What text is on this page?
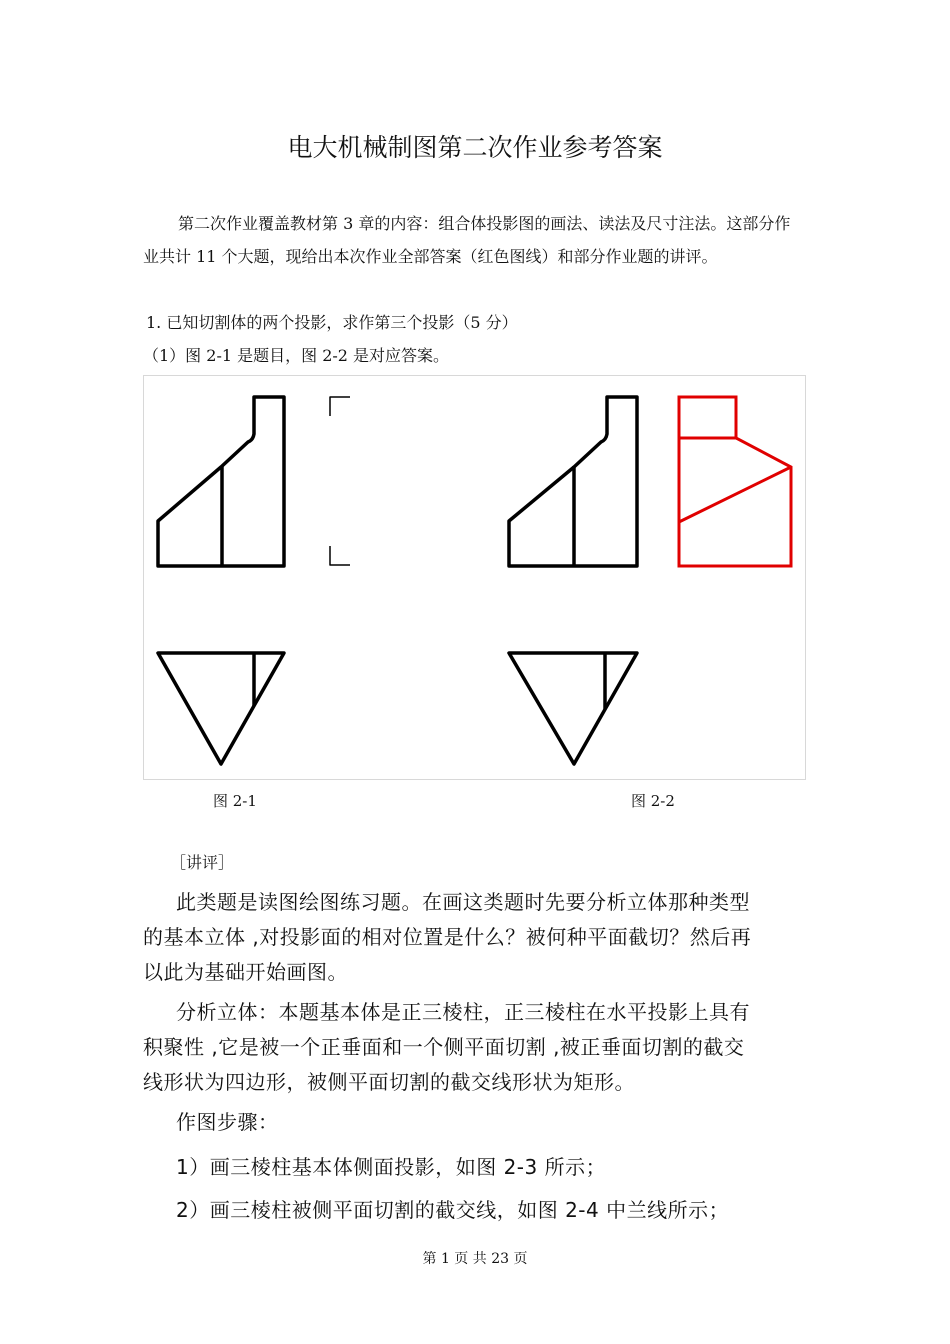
电大机械制图第二次作业参考答案
第二次作业覆盖教材第 3 章的内容：组合体投影图的画法、读法及尺寸注法。这部分作
业共计 11 个大题，现给出本次作业全部答案（红色图线）和部分作业题的讲评。
1. 已知切割体的两个投影，求作第三个投影（5 分）
（1）图 2-1 是题目，图 2-2 是对应答案。
图 2-1	图 2-2
［讲评］
此类题是读图绘图练习题。在画这类题时先要分析立体那种类型
的基本立体 ,对投影面的相对位置是什么？被何种平面截切？然后再
以此为基础开始画图。
分析立体：本题基本体是正三棱柱，正三棱柱在水平投影上具有
积聚性 ,它是被一个正垂面和一个侧平面切割 ,被正垂面切割的截交
线形状为四边形，被侧平面切割的截交线形状为矩形。
作图步骤：
1）画三棱柱基本体侧面投影，如图 2-3 所示；
2）画三棱柱被侧平面切割的截交线，如图 2-4 中兰线所示；
第 1 页 共 23 页
